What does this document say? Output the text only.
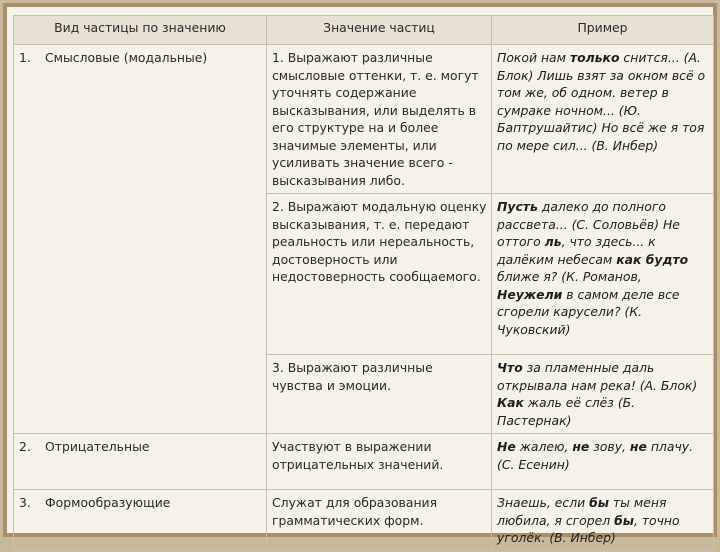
Вид частицы по значению	Значение частиц	Пример
1. Смысловые (модальные)	1. Выражают различные смысловые оттенки, т. е. могут уточнять содержание высказывания, или выделять в его структуре на и более значимые элементы, или усиливать значение всего - высказывания либо.	Покой нам только снится... (А. Блок) Лишь взят за окном всё о том же, об одном. ветер в сумраке ночном... (Ю. Баптрушайтис) Но всё же я тоя по мере сил... (В. Инбер)
	2. Выражают модальную оценку высказывания, т. е. передают реальность или нереальность, достоверность или недостоверность сообщаемого.	Пусть далеко до полного рассвета... (С. Соловьёв) Не оттого ль, что здесь... к далёким небесам как будто ближе я? (К. Романов, Неужели в самом деле все сгорели карусели? (К. Чуковский)
	3. Выражают различные чувства и эмоции.	Что за пламенные даль открывала нам река! (А. Блок) Как жаль её слёз (Б. Пастернак)
2. Отрицательные	Участвуют в выражении отрицательных значений.	Не жалею, не зову, не плачу. (С. Есенин)
3. Формообразующие	Служат для образования грамматических форм.	Знаешь, если бы ты меня любила, я сгорел бы, точно уголёк. (В. Инбер)
